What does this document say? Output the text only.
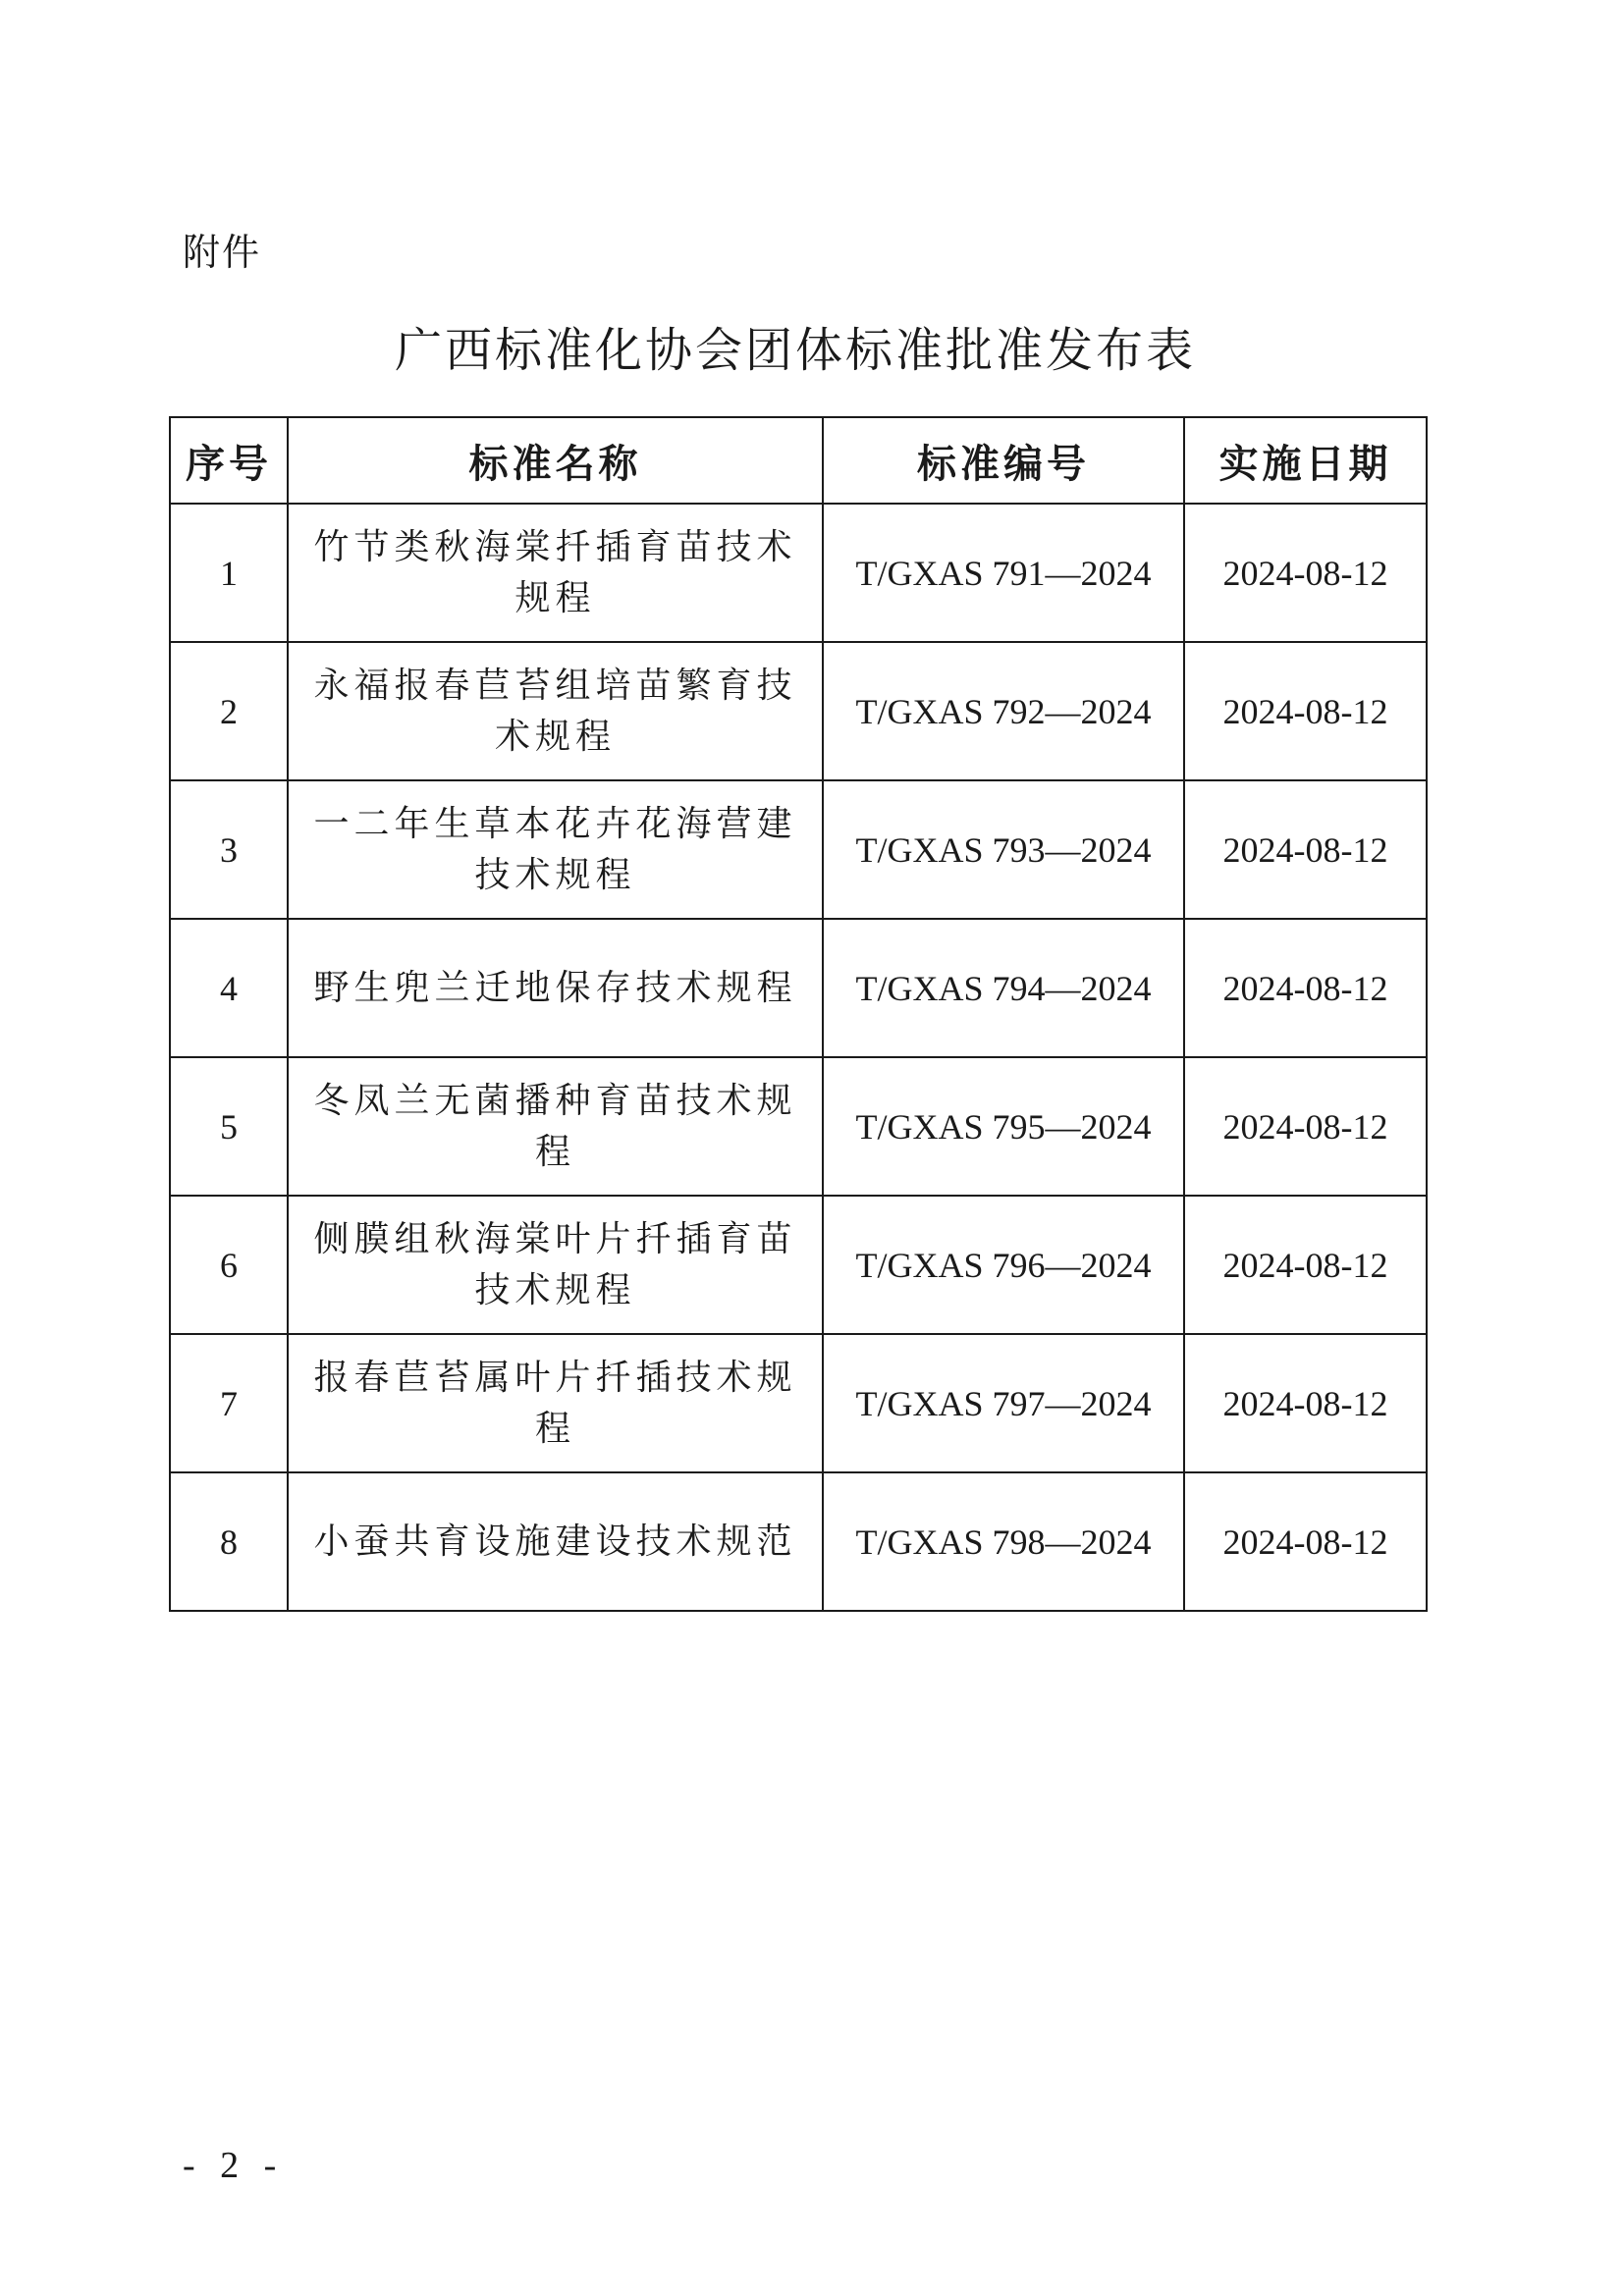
附件
广西标准化协会团体标准批准发布表
序号	标准名称	标准编号	实施日期
1	竹节类秋海棠扦插育苗技术规程	T/GXAS 791—2024	2024-08-12
2	永福报春苣苔组培苗繁育技术规程	T/GXAS 792—2024	2024-08-12
3	一二年生草本花卉花海营建技术规程	T/GXAS 793—2024	2024-08-12
4	野生兜兰迁地保存技术规程	T/GXAS 794—2024	2024-08-12
5	冬凤兰无菌播种育苗技术规程	T/GXAS 795—2024	2024-08-12
6	侧膜组秋海棠叶片扦插育苗技术规程	T/GXAS 796—2024	2024-08-12
7	报春苣苔属叶片扦插技术规程	T/GXAS 797—2024	2024-08-12
8	小蚕共育设施建设技术规范	T/GXAS 798—2024	2024-08-12
- 2 -
